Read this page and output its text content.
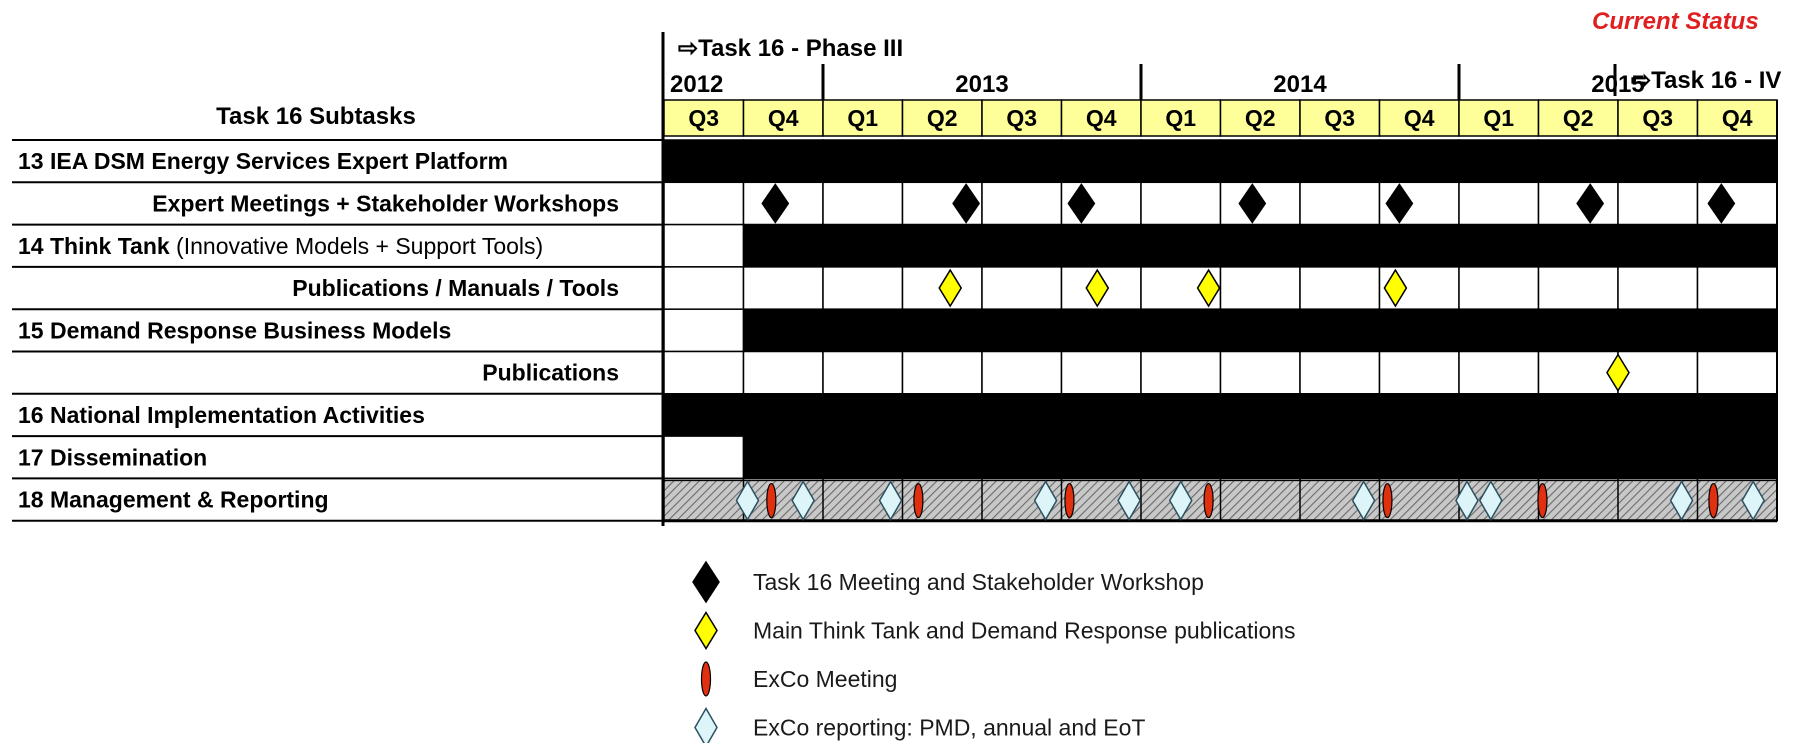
2012
Q3 Q4
2013
Q1 Q2 Q3 Q4
2014
Q1 Q2 Q3 Q4
2015
Q1 Q2 Q3 Q4
13 IEA DSM Energy Services Expert Platform
Expert Meetings + Stakeholder Workshops
14 Think Tank (Innovative Models + Support Tools)
Publications / Manuals / Tools
15 Demand Response Business Models
Publications
16 National Implementation Activities
17 Dissemination
18 Management & Reporting
⇨Task 16 - Phase III
⇨Task 16 - IV
Current Status
Task 16 Subtasks
Task 16 Meeting and Stakeholder Workshop
Main Think Tank and Demand Response publications
ExCo Meeting
ExCo reporting: PMD, annual and EoT
